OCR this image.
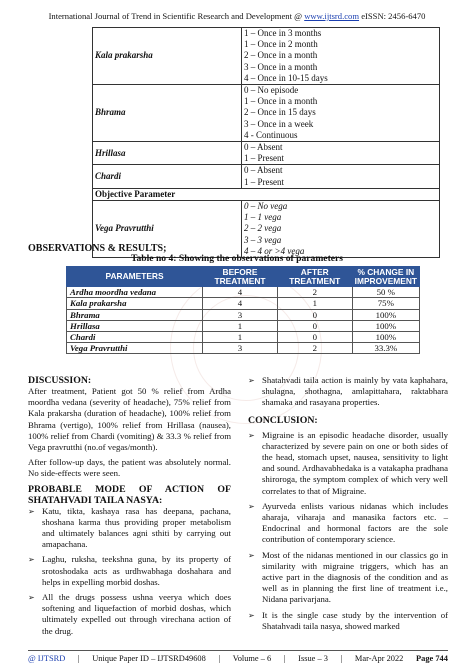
International Journal of Trend in Scientific Research and Development @ www.ijtsrd.com eISSN: 2456-6470
Kala prakarsha	1 – Once in 3 months
1 – Once in 2 month
2 – Once in a month
3 – Once in a month
4 – Once in 10-15 days

Bhrama	0 – No episode
1 – Once in a month
2 – Once in 15 days
3 – Once in a week
4 - Continuous

Hrillasa	0 – Absent
1 – Present

Chardi	0 – Absent
1 – Present

Objective Parameter	
Vega Pravrutthi	0 – No vega
1 – 1 vega
2 – 2 vega
3 – 3 vega
4 – 4 or >4 vega
OBSERVATIONS & RESULTS;
Table no 4: Showing the observations of parameters
PARAMETERS	BEFORE TREATMENT	AFTER TREATMENT	% CHANGE IN IMPROVEMENT
Ardha moordha vedana	4	2	50 %
Kala prakarsha	4	1	75%
Bhrama	3	0	100%
Hrillasa	1	0	100%
Chardi	1	0	100%
Vega Pravrutthi	3	2	33.3%

DISCUSSION:

After treatment, Patient got 50 % relief from Ardha moordha vedana (severity of headache), 75% relief from Kala prakarsha (duration of headache), 100% relief from Bhrama (vertigo), 100% relief from Hrillasa (nausea), 100% relief from Chardi (vomiting) & 33.3 % relief from Vega pravrutthi (no.of vegas/month).

After follow-up days, the patient was absolutely normal. No side-effects were seen.

PROBABLE MODE OF ACTION OF SHATAHVADI TAILA NASYA:

➢ Katu, tikta, kashaya rasa has deepana, pachana, shoshana karma thus providing proper metabolism and ultimately balances agni sthiti by carrying out amapachana.

➢ Laghu, ruksha, teekshna guna, by its property of srotoshodaka acts as urdhwabhaga doshahara and helps in expelling morbid doshas.

➢ All the drugs possess ushna veerya which does softening and liquefaction of morbid doshas, which ultimately expelled out through virechana action of the drug.

➢ Shatahvadi taila action is mainly by vata kaphahara, shulagna, shothagna, amlapittahara, raktabhara shamaka and rasayana properties.

CONCLUSION:

➢ Migraine is an episodic headache disorder, usually characterized by severe pain on one or both sides of the head, stomach upset, nausea, sensitivity to light and sound. Ardhavabhedaka is a vatakapha pradhana shiroroga, the symptom complex of which very well correlates to that of Migraine.

➢ Ayurveda enlists various nidanas which includes aharaja, viharaja and manasika factors etc. – Endocrinal and hormonal factors are the sole contribution of contemporary science.

➢ Most of the nidanas mentioned in our classics go in similarity with migraine triggers, which has an active part in the diagnosis of the condition and as well as in planning the first line of treatment i.e., Nidana parivarjana.

➢ It is the single case study by the intervention of Shatahvadi taila nasya, showed marked

@ IJTSRD | Unique Paper ID – IJTSRD49608 | Volume – 6 | Issue – 3 | Mar-Apr 2022 Page 744
